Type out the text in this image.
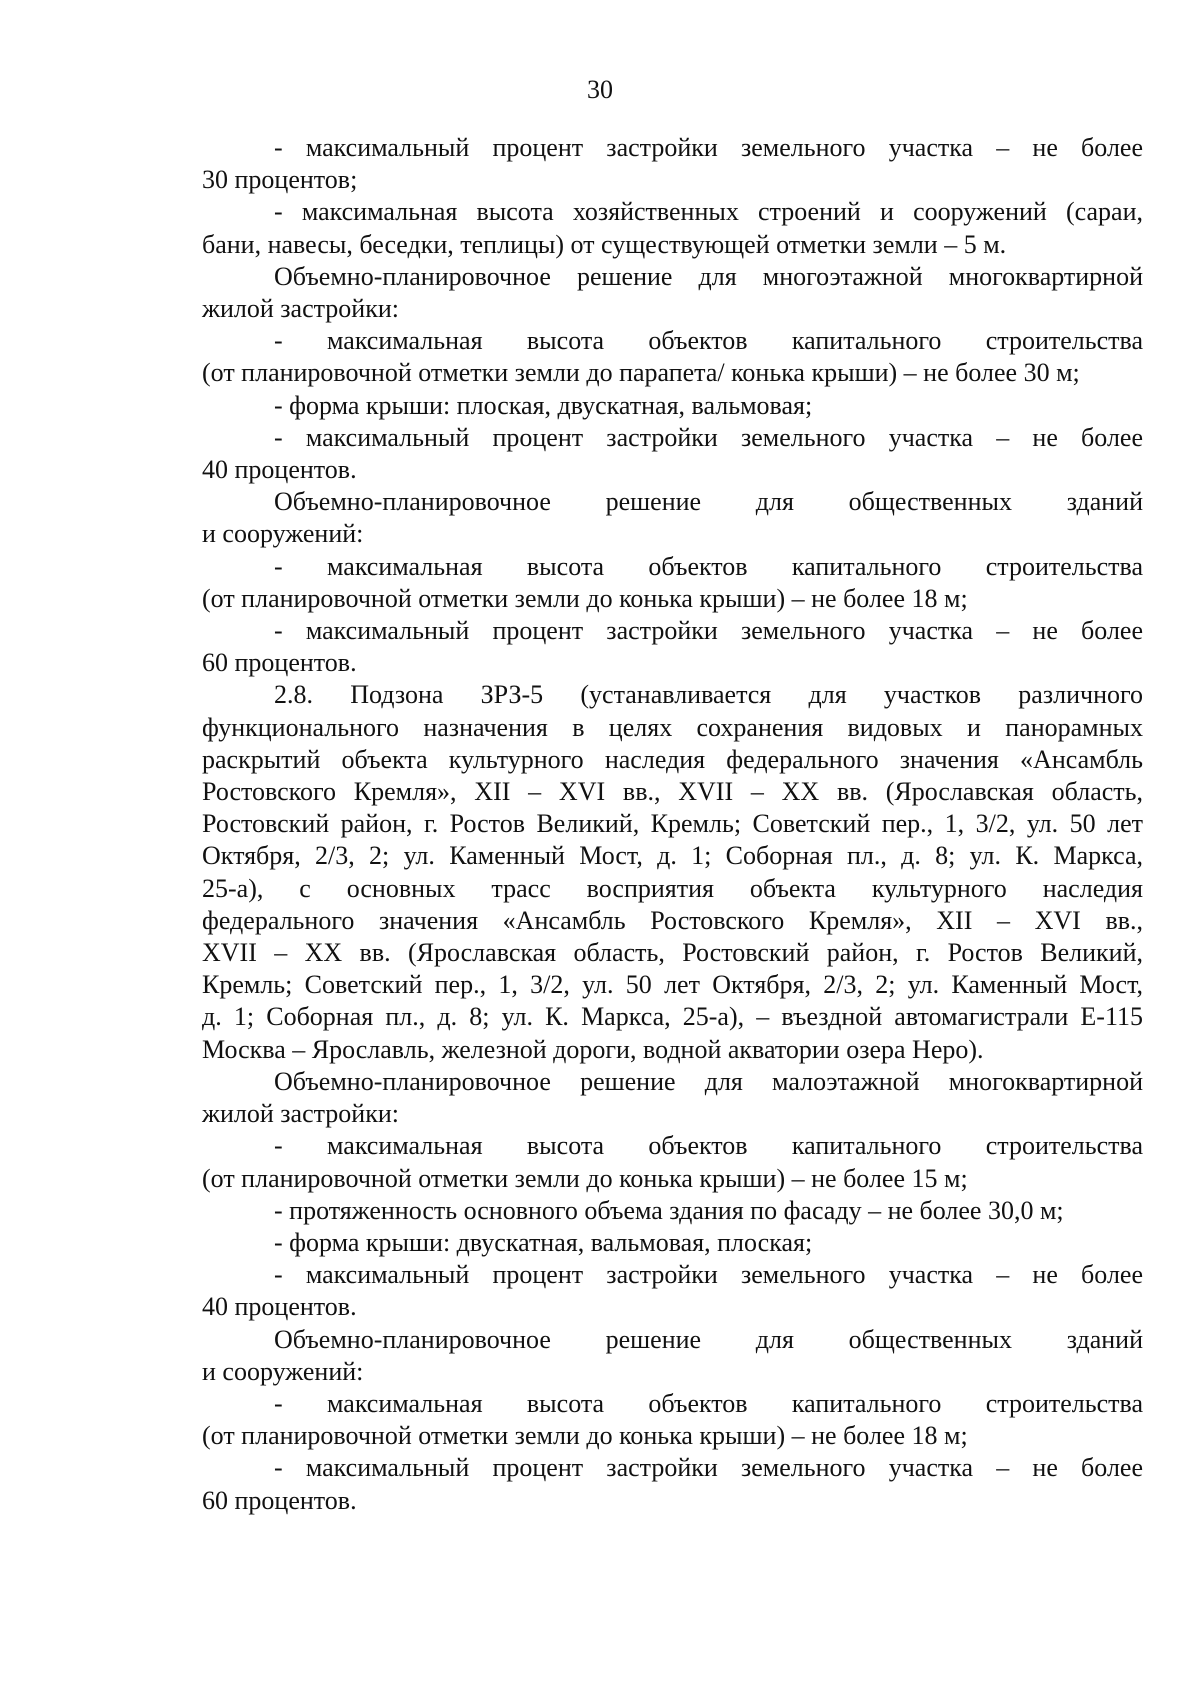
30
- максимальный процент застройки земельного участка – не более
30 процентов;
- максимальная высота хозяйственных строений и сооружений (сараи,
бани, навесы, беседки, теплицы) от существующей отметки земли – 5 м.
Объемно-планировочное решение для многоэтажной многоквартирной
жилой застройки:
- максимальная высота объектов капитального строительства
(от планировочной отметки земли до парапета/ конька крыши) – не более 30 м;
- форма крыши: плоская, двускатная, вальмовая;
- максимальный процент застройки земельного участка – не более
40 процентов.
Объемно-планировочное решение для общественных зданий
и сооружений:
- максимальная высота объектов капитального строительства
(от планировочной отметки земли до конька крыши) – не более 18 м;
- максимальный процент застройки земельного участка – не более
60 процентов.
2.8. Подзона ЗРЗ-5 (устанавливается для участков различного
функционального назначения в целях сохранения видовых и панорамных
раскрытий объекта культурного наследия федерального значения «Ансамбль
Ростовского Кремля», XII – XVI вв., XVII – XX вв. (Ярославская область,
Ростовский район, г. Ростов Великий, Кремль; Советский пер., 1, 3/2, ул. 50 лет
Октября, 2/3, 2; ул. Каменный Мост, д. 1; Соборная пл., д. 8; ул. К. Маркса,
25-а), с основных трасс восприятия объекта культурного наследия
федерального значения «Ансамбль Ростовского Кремля», XII – XVI вв.,
XVII – XX вв. (Ярославская область, Ростовский район, г. Ростов Великий,
Кремль; Советский пер., 1, 3/2, ул. 50 лет Октября, 2/3, 2; ул. Каменный Мост,
д. 1; Соборная пл., д. 8; ул. К. Маркса, 25-а), – въездной автомагистрали Е-115
Москва – Ярославль, железной дороги, водной акватории озера Неро).
Объемно-планировочное решение для малоэтажной многоквартирной
жилой застройки:
- максимальная высота объектов капитального строительства
(от планировочной отметки земли до конька крыши) – не более 15 м;
- протяженность основного объема здания по фасаду – не более 30,0 м;
- форма крыши: двускатная, вальмовая, плоская;
- максимальный процент застройки земельного участка – не более
40 процентов.
Объемно-планировочное решение для общественных зданий
и сооружений:
- максимальная высота объектов капитального строительства
(от планировочной отметки земли до конька крыши) – не более 18 м;
- максимальный процент застройки земельного участка – не более
60 процентов.
